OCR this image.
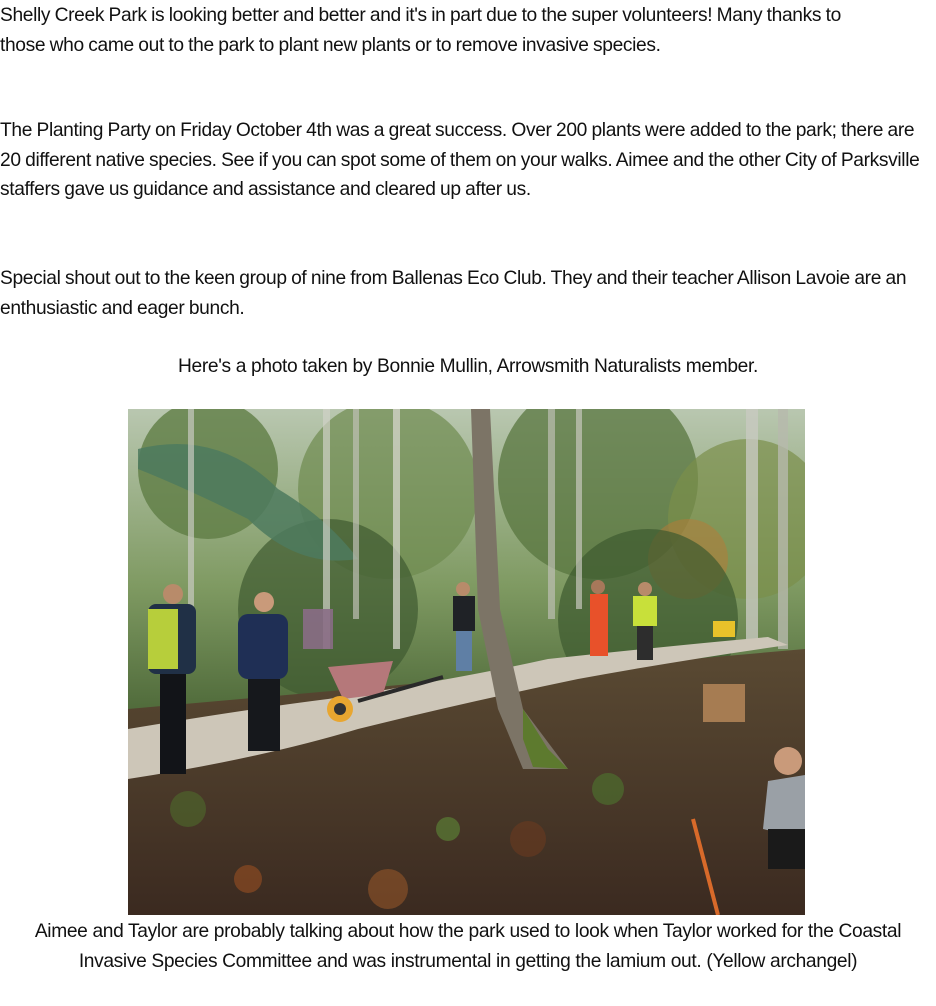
Shelly Creek Park is looking better and better and it's in part due to the super volunteers! Many thanks to those who came out to the park to plant new plants or to remove invasive species.

The Planting Party on Friday October 4th was a great success. Over 200 plants were added to the park; there are 20 different native species. See if you can spot some of them on your walks. Aimee and the other City of Parksville staffers gave us guidance and assistance and cleared up after us.

Special shout out to the keen group of nine from Ballenas Eco Club. They and their teacher Allison Lavoie are an enthusiastic and eager bunch.

Here's a photo taken by Bonnie Mullin, Arrowsmith Naturalists member.
Aimee and Taylor are probably talking about how the park used to look when Taylor worked for the Coastal Invasive Species Committee and was instrumental in getting the lamium out. (Yellow archangel)
